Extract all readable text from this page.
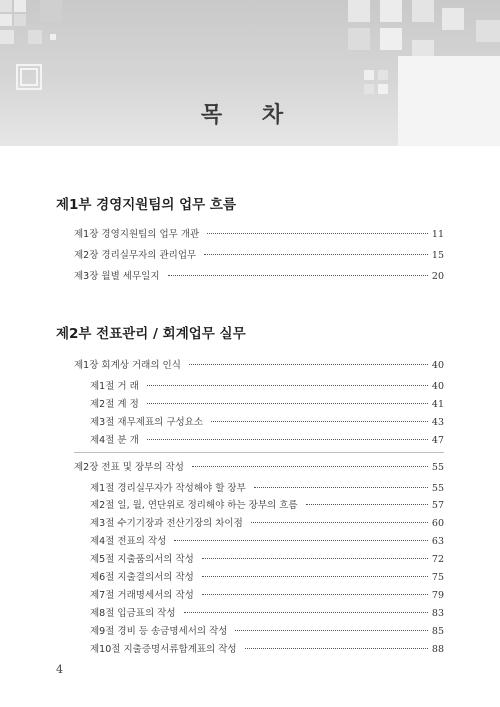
목 차
제1부 경영지원팀의 업무 흐름
제1장 경영지원팀의 업무 개관	11
제2장 경리실무자의 관리업무	15
제3장 월별 세무일지	20
제2부 전표관리 / 회계업무 실무
제1장 회계상 거래의 인식	40
제1절 거 래	40
제2절 계 정	41
제3절 재무제표의 구성요소	43
제4절 분 개	47
제2장 전표 및 장부의 작성	55
제1절 경리실무자가 작성해야 할 장부	55
제2절 일, 월, 연단위로 정리해야 하는 장부의 흐름	57
제3절 수기기장과 전산기장의 차이점	60
제4절 전표의 작성	63
제5절 지출품의서의 작성	72
제6절 지출결의서의 작성	75
제7절 거래명세서의 작성	79
제8절 입금표의 작성	83
제9절 경비 등 송금명세서의 작성	85
제10절 지출증명서류합계표의 작성	88
4
